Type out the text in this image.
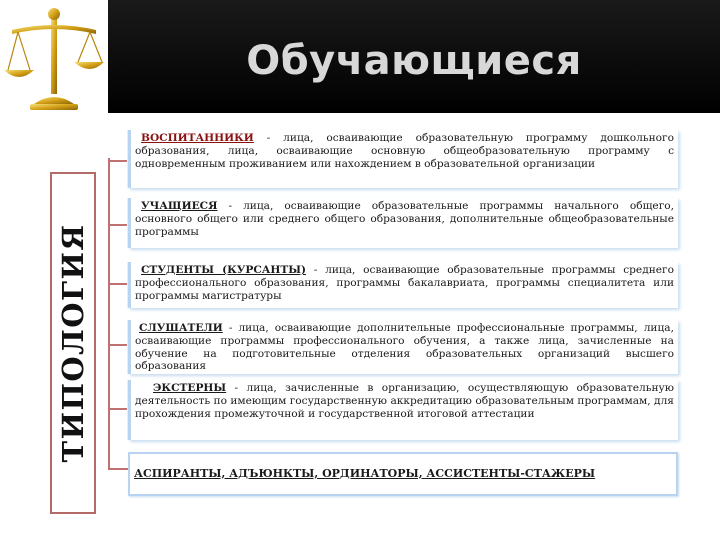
Обучающиеся
ТИПОЛОГИЯ
ВОСПИТАННИКИ - лица, осваивающие образовательную программу дошкольного образования, лица, осваивающие основную общеобразовательную программу с одновременным проживанием или нахождением в образовательной организации
УЧАЩИЕСЯ - лица, осваивающие образовательные программы начального общего, основного общего или среднего общего образования, дополнительные общеобразовательные программы
СТУДЕНТЫ (КУРСАНТЫ) - лица, осваивающие образовательные программы среднего профессионального образования, программы бакалавриата, программы специалитета или программы магистратуры
СЛУШАТЕЛИ - лица, осваивающие дополнительные профессиональные программы, лица, осваивающие программы профессионального обучения, а также лица, зачисленные на обучение на подготовительные отделения образовательных организаций высшего образования
ЭКСТЕРНЫ - лица, зачисленные в организацию, осуществляющую образовательную деятельность по имеющим государственную аккредитацию образовательным программам, для прохождения промежуточной и государственной итоговой аттестации
АСПИРАНТЫ, АДЪЮНКТЫ, ОРДИНАТОРЫ, АССИСТЕНТЫ-СТАЖЕРЫ
